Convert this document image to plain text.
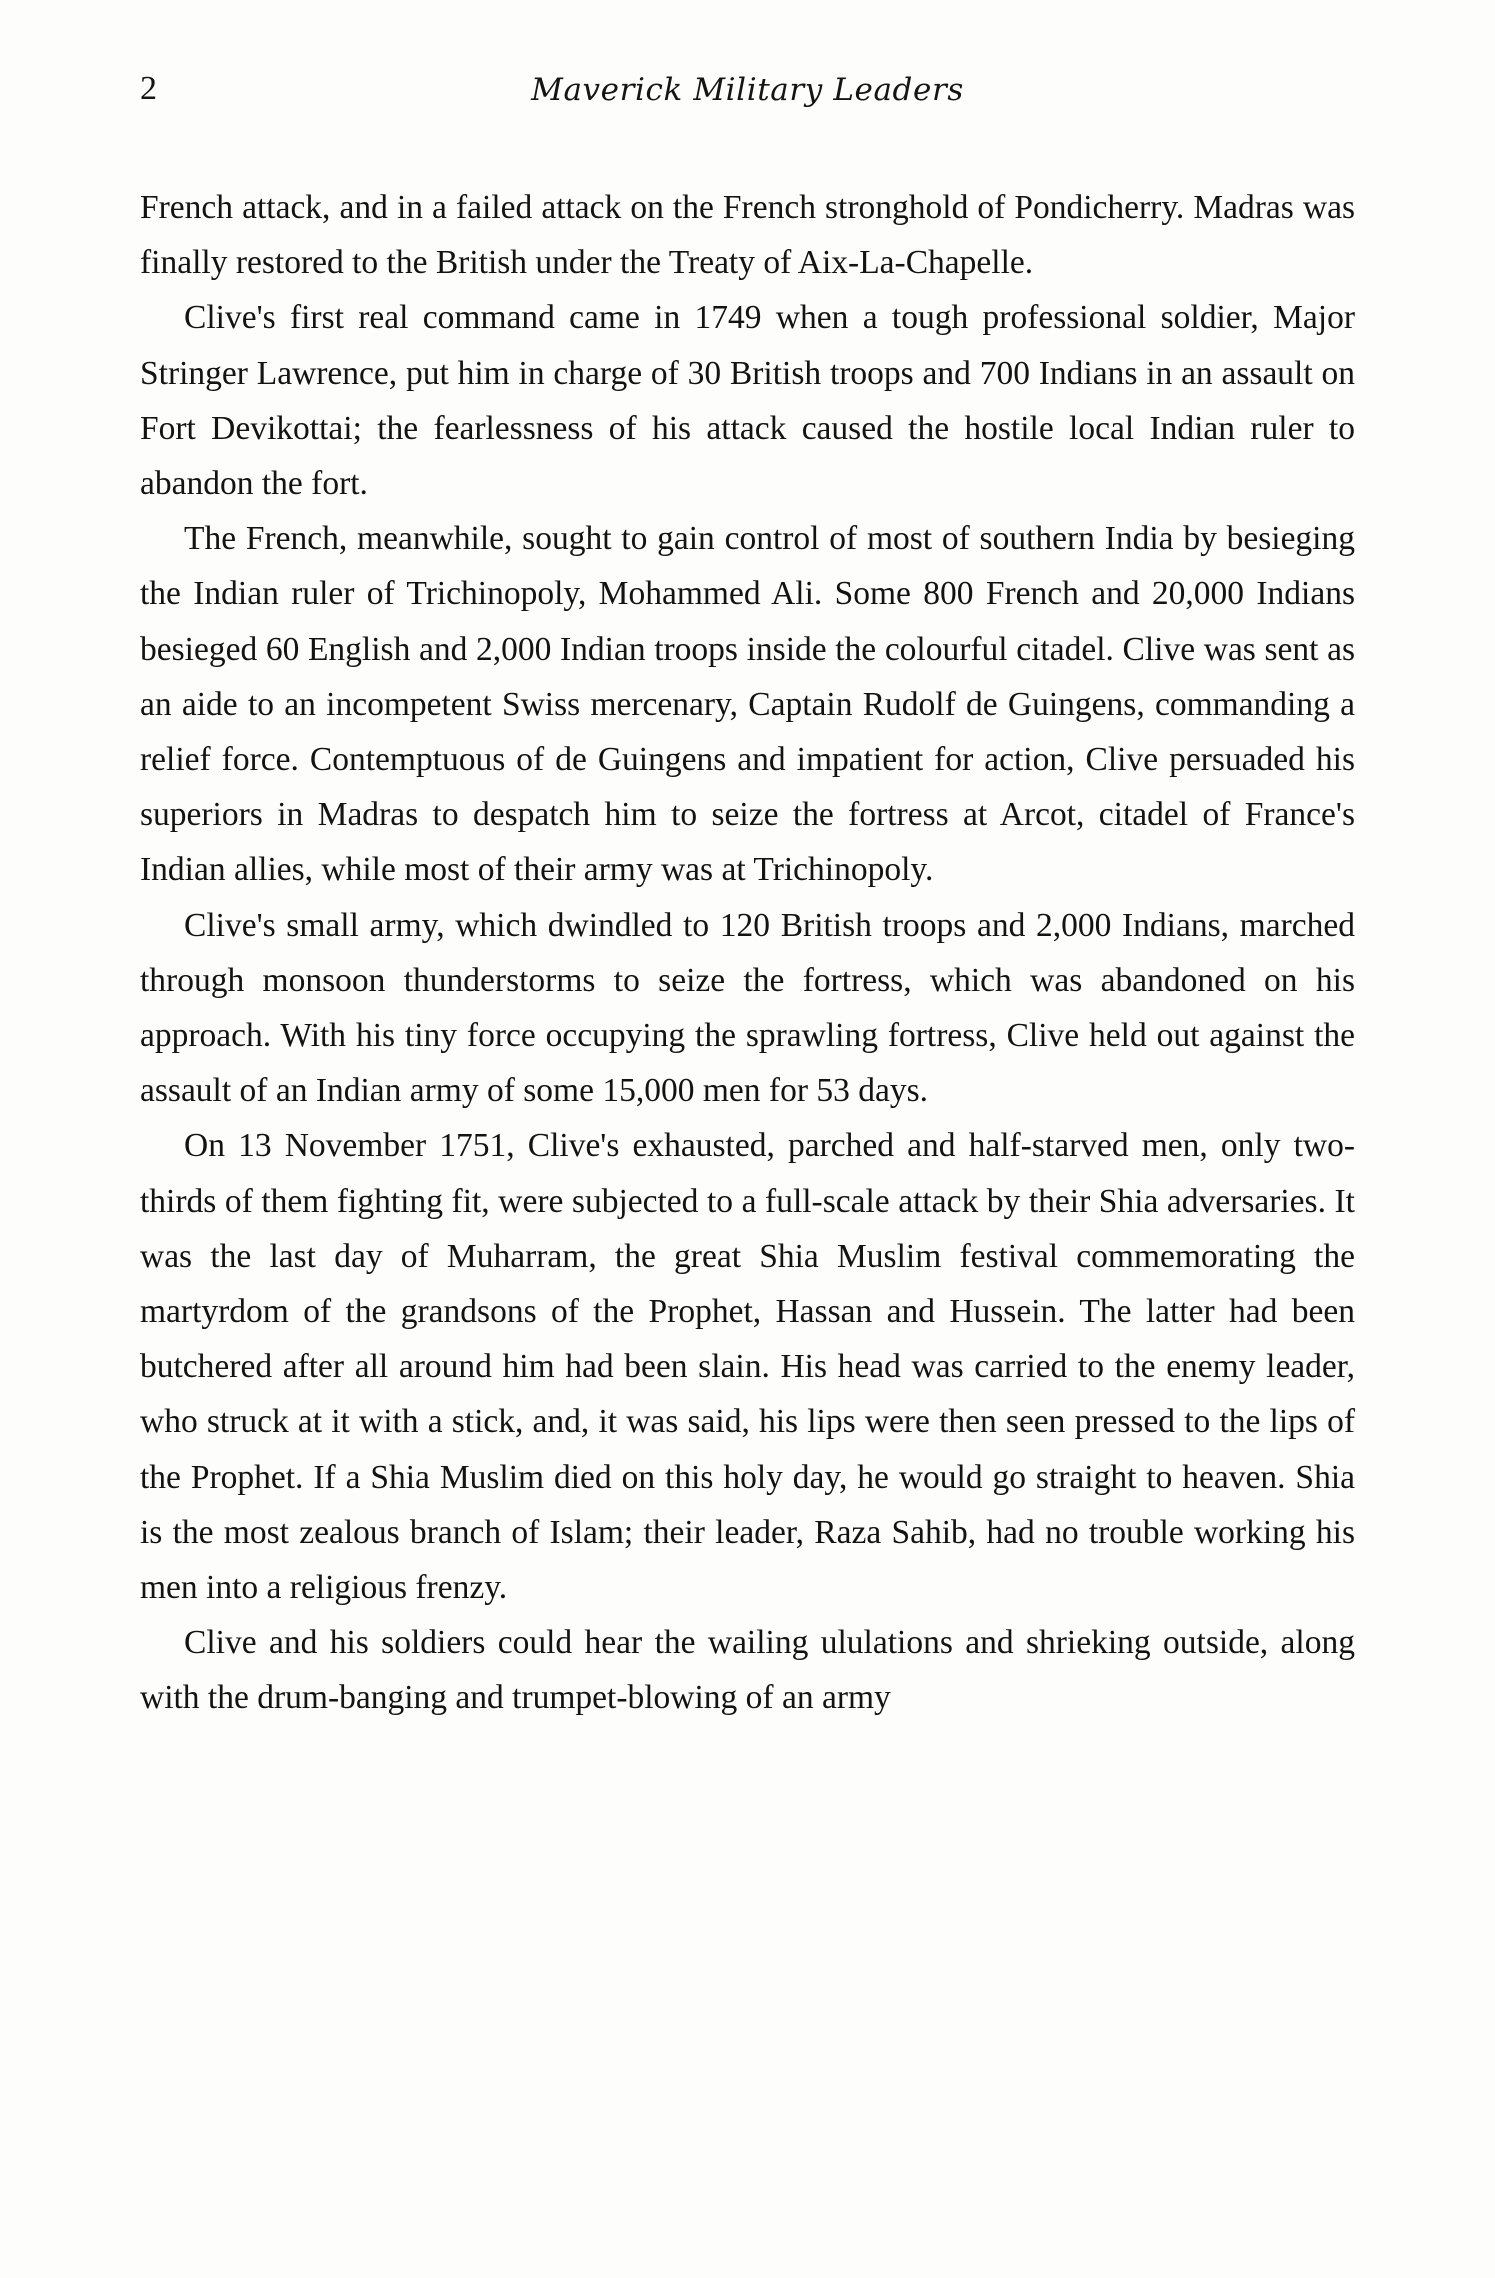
2	Maverick Military Leaders

French attack, and in a failed attack on the French stronghold of Pondicherry. Madras was finally restored to the British under the Treaty of Aix-La-Chapelle.

Clive's first real command came in 1749 when a tough professional soldier, Major Stringer Lawrence, put him in charge of 30 British troops and 700 Indians in an assault on Fort Devikottai; the fearlessness of his attack caused the hostile local Indian ruler to abandon the fort.

The French, meanwhile, sought to gain control of most of southern India by besieging the Indian ruler of Trichinopoly, Mohammed Ali. Some 800 French and 20,000 Indians besieged 60 English and 2,000 Indian troops inside the colourful citadel. Clive was sent as an aide to an incompetent Swiss mercenary, Captain Rudolf de Guingens, commanding a relief force. Contemptuous of de Guingens and impatient for action, Clive persuaded his superiors in Madras to despatch him to seize the fortress at Arcot, citadel of France's Indian allies, while most of their army was at Trichinopoly.

Clive's small army, which dwindled to 120 British troops and 2,000 Indians, marched through monsoon thunderstorms to seize the fortress, which was abandoned on his approach. With his tiny force occupying the sprawling fortress, Clive held out against the assault of an Indian army of some 15,000 men for 53 days.

On 13 November 1751, Clive's exhausted, parched and half-starved men, only two-thirds of them fighting fit, were subjected to a full-scale attack by their Shia adversaries. It was the last day of Muharram, the great Shia Muslim festival commemorating the martyrdom of the grandsons of the Prophet, Hassan and Hussein. The latter had been butchered after all around him had been slain. His head was carried to the enemy leader, who struck at it with a stick, and, it was said, his lips were then seen pressed to the lips of the Prophet. If a Shia Muslim died on this holy day, he would go straight to heaven. Shia is the most zealous branch of Islam; their leader, Raza Sahib, had no trouble working his men into a religious frenzy.

Clive and his soldiers could hear the wailing ululations and shrieking outside, along with the drum-banging and trumpet-blowing of an army
